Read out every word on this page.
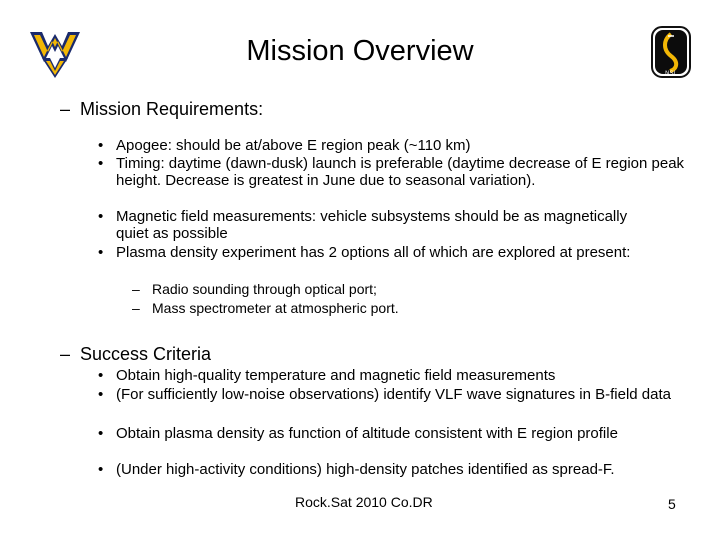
NSL
Mission Overview
– Mission Requirements:
• Apogee: should be at/above E region peak (~110 km)
• Timing: daytime (dawn-dusk) launch is preferable (daytime decrease of E region peak height. Decrease is greatest in June due to seasonal variation).
• Magnetic field measurements: vehicle subsystems should be as magnetically quiet as possible
• Plasma density experiment has 2 options all of which are explored at present:
– Radio sounding through optical port;
– Mass spectrometer at atmospheric port.
– Success Criteria
• Obtain high-quality temperature and magnetic field measurements
• (For sufficiently low-noise observations) identify VLF wave signatures in B-field data
• Obtain plasma density as function of altitude consistent with E region profile
• (Under high-activity conditions) high-density patches identified as spread-F.
Rock.Sat 2010 Co.DR	5
